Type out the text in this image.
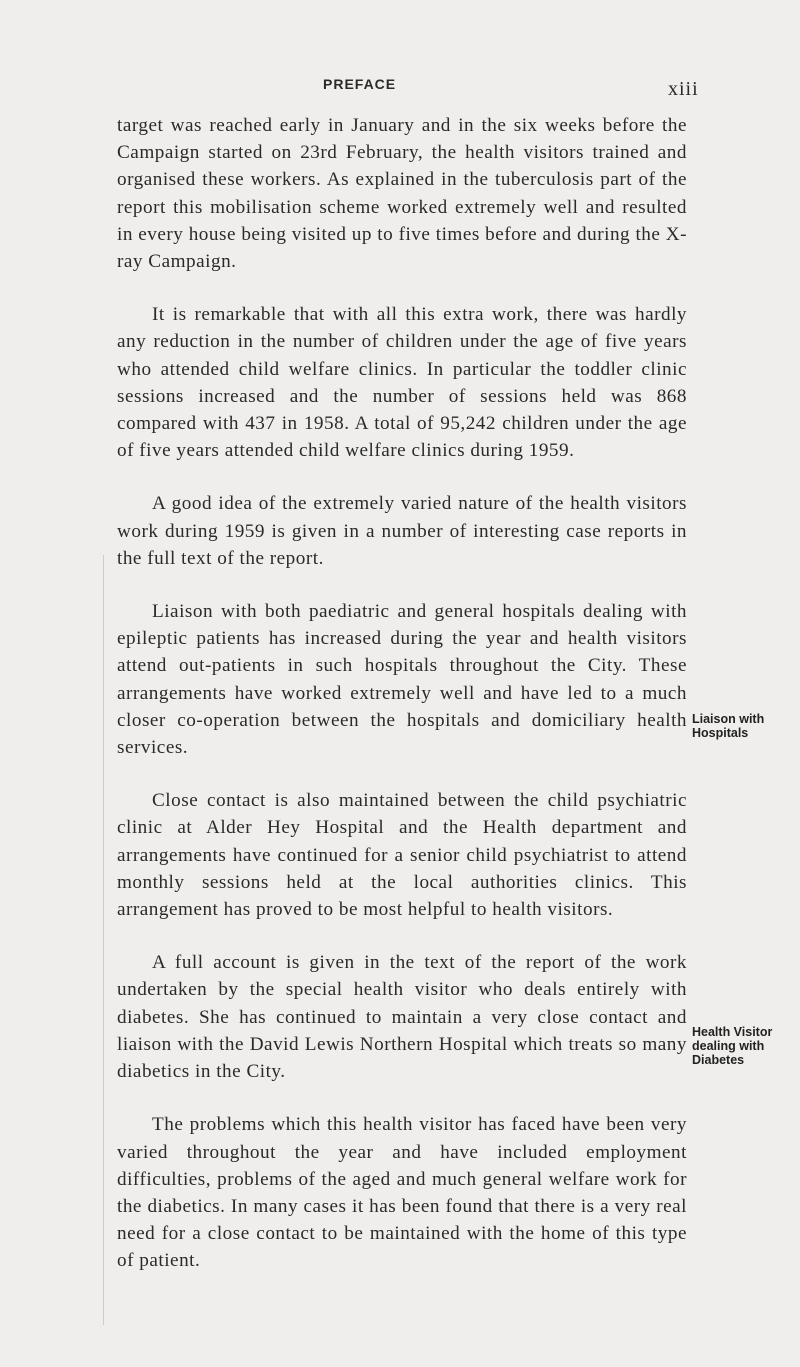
PREFACE	xiii

target was reached early in January and in the six weeks before the Campaign started on 23rd February, the health visitors trained and organised these workers. As explained in the tuberculosis part of the report this mobilisation scheme worked extremely well and resulted in every house being visited up to five times before and during the X-ray Campaign.

It is remarkable that with all this extra work, there was hardly any reduction in the number of children under the age of five years who attended child welfare clinics. In particular the toddler clinic sessions increased and the number of sessions held was 868 compared with 437 in 1958. A total of 95,242 children under the age of five years attended child welfare clinics during 1959.

A good idea of the extremely varied nature of the health visitors work during 1959 is given in a number of interesting case reports in the full text of the report.

Liaison with both paediatric and general hospitals dealing with epileptic patients has increased during the year and health visitors attend out-patients in such hospitals throughout the City. These arrangements have worked extremely well and have led to a much closer co-operation between the hospitals and domiciliary health services.

Close contact is also maintained between the child psychiatric clinic at Alder Hey Hospital and the Health department and arrangements have continued for a senior child psychiatrist to attend monthly sessions held at the local authorities clinics. This arrangement has proved to be most helpful to health visitors.

A full account is given in the text of the report of the work undertaken by the special health visitor who deals entirely with diabetes. She has continued to maintain a very close contact and liaison with the David Lewis Northern Hospital which treats so many diabetics in the City.

The problems which this health visitor has faced have been very varied throughout the year and have included employment difficulties, problems of the aged and much general welfare work for the diabetics. In many cases it has been found that there is a very real need for a close contact to be maintained with the home of this type of patient.

Liaison with Hospitals
Health Visitor dealing with Diabetes
